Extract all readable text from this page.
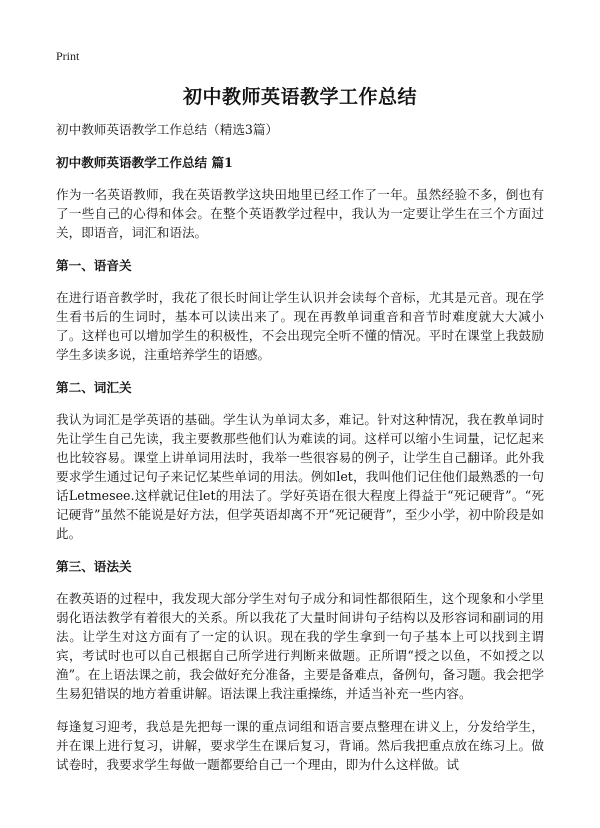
Print
初中教师英语教学工作总结

初中教师英语教学工作总结（精选3篇）

初中教师英语教学工作总结 篇1

作为一名英语教师，我在英语教学这块田地里已经工作了一年。虽然经验不多，倒也有了一些自己的心得和体会。在整个英语教学过程中，我认为一定要让学生在三个方面过关，即语音，词汇和语法。

第一、语音关

在进行语音教学时，我花了很长时间让学生认识并会读每个音标，尤其是元音。现在学生看书后的生词时，基本可以读出来了。现在再教单词重音和音节时难度就大大减小了。这样也可以增加学生的积极性，不会出现完全听不懂的情况。平时在课堂上我鼓励学生多读多说，注重培养学生的语感。

第二、词汇关

我认为词汇是学英语的基础。学生认为单词太多，难记。针对这种情况，我在教单词时先让学生自己先读，我主要教那些他们认为难读的词。这样可以缩小生词量，记忆起来也比较容易。课堂上讲单词用法时，我举一些很容易的例子，让学生自己翻译。此外我要求学生通过记句子来记忆某些单词的用法。例如let，我叫他们记住他们最熟悉的一句话Letmesee.这样就记住let的用法了。学好英语在很大程度上得益于“死记硬背”。“死记硬背”虽然不能说是好方法，但学英语却离不开“死记硬背”，至少小学，初中阶段是如此。

第三、语法关

在教英语的过程中，我发现大部分学生对句子成分和词性都很陌生，这个现象和小学里弱化语法教学有着很大的关系。所以我花了大量时间讲句子结构以及形容词和副词的用法。让学生对这方面有了一定的认识。现在我的学生拿到一句子基本上可以找到主谓宾，考试时也可以自己根据自己所学进行判断来做题。正所谓“授之以鱼，不如授之以渔”。在上语法课之前，我会做好充分准备，主要是备难点，备例句，备习题。我会把学生易犯错误的地方着重讲解。语法课上我注重操练，并适当补充一些内容。

每逢复习迎考，我总是先把每一课的重点词组和语言要点整理在讲义上，分发给学生，并在课上进行复习，讲解，要求学生在课后复习，背诵。然后我把重点放在练习上。做试卷时，我要求学生每做一题都要给自己一个理由，即为什么这样做。试
